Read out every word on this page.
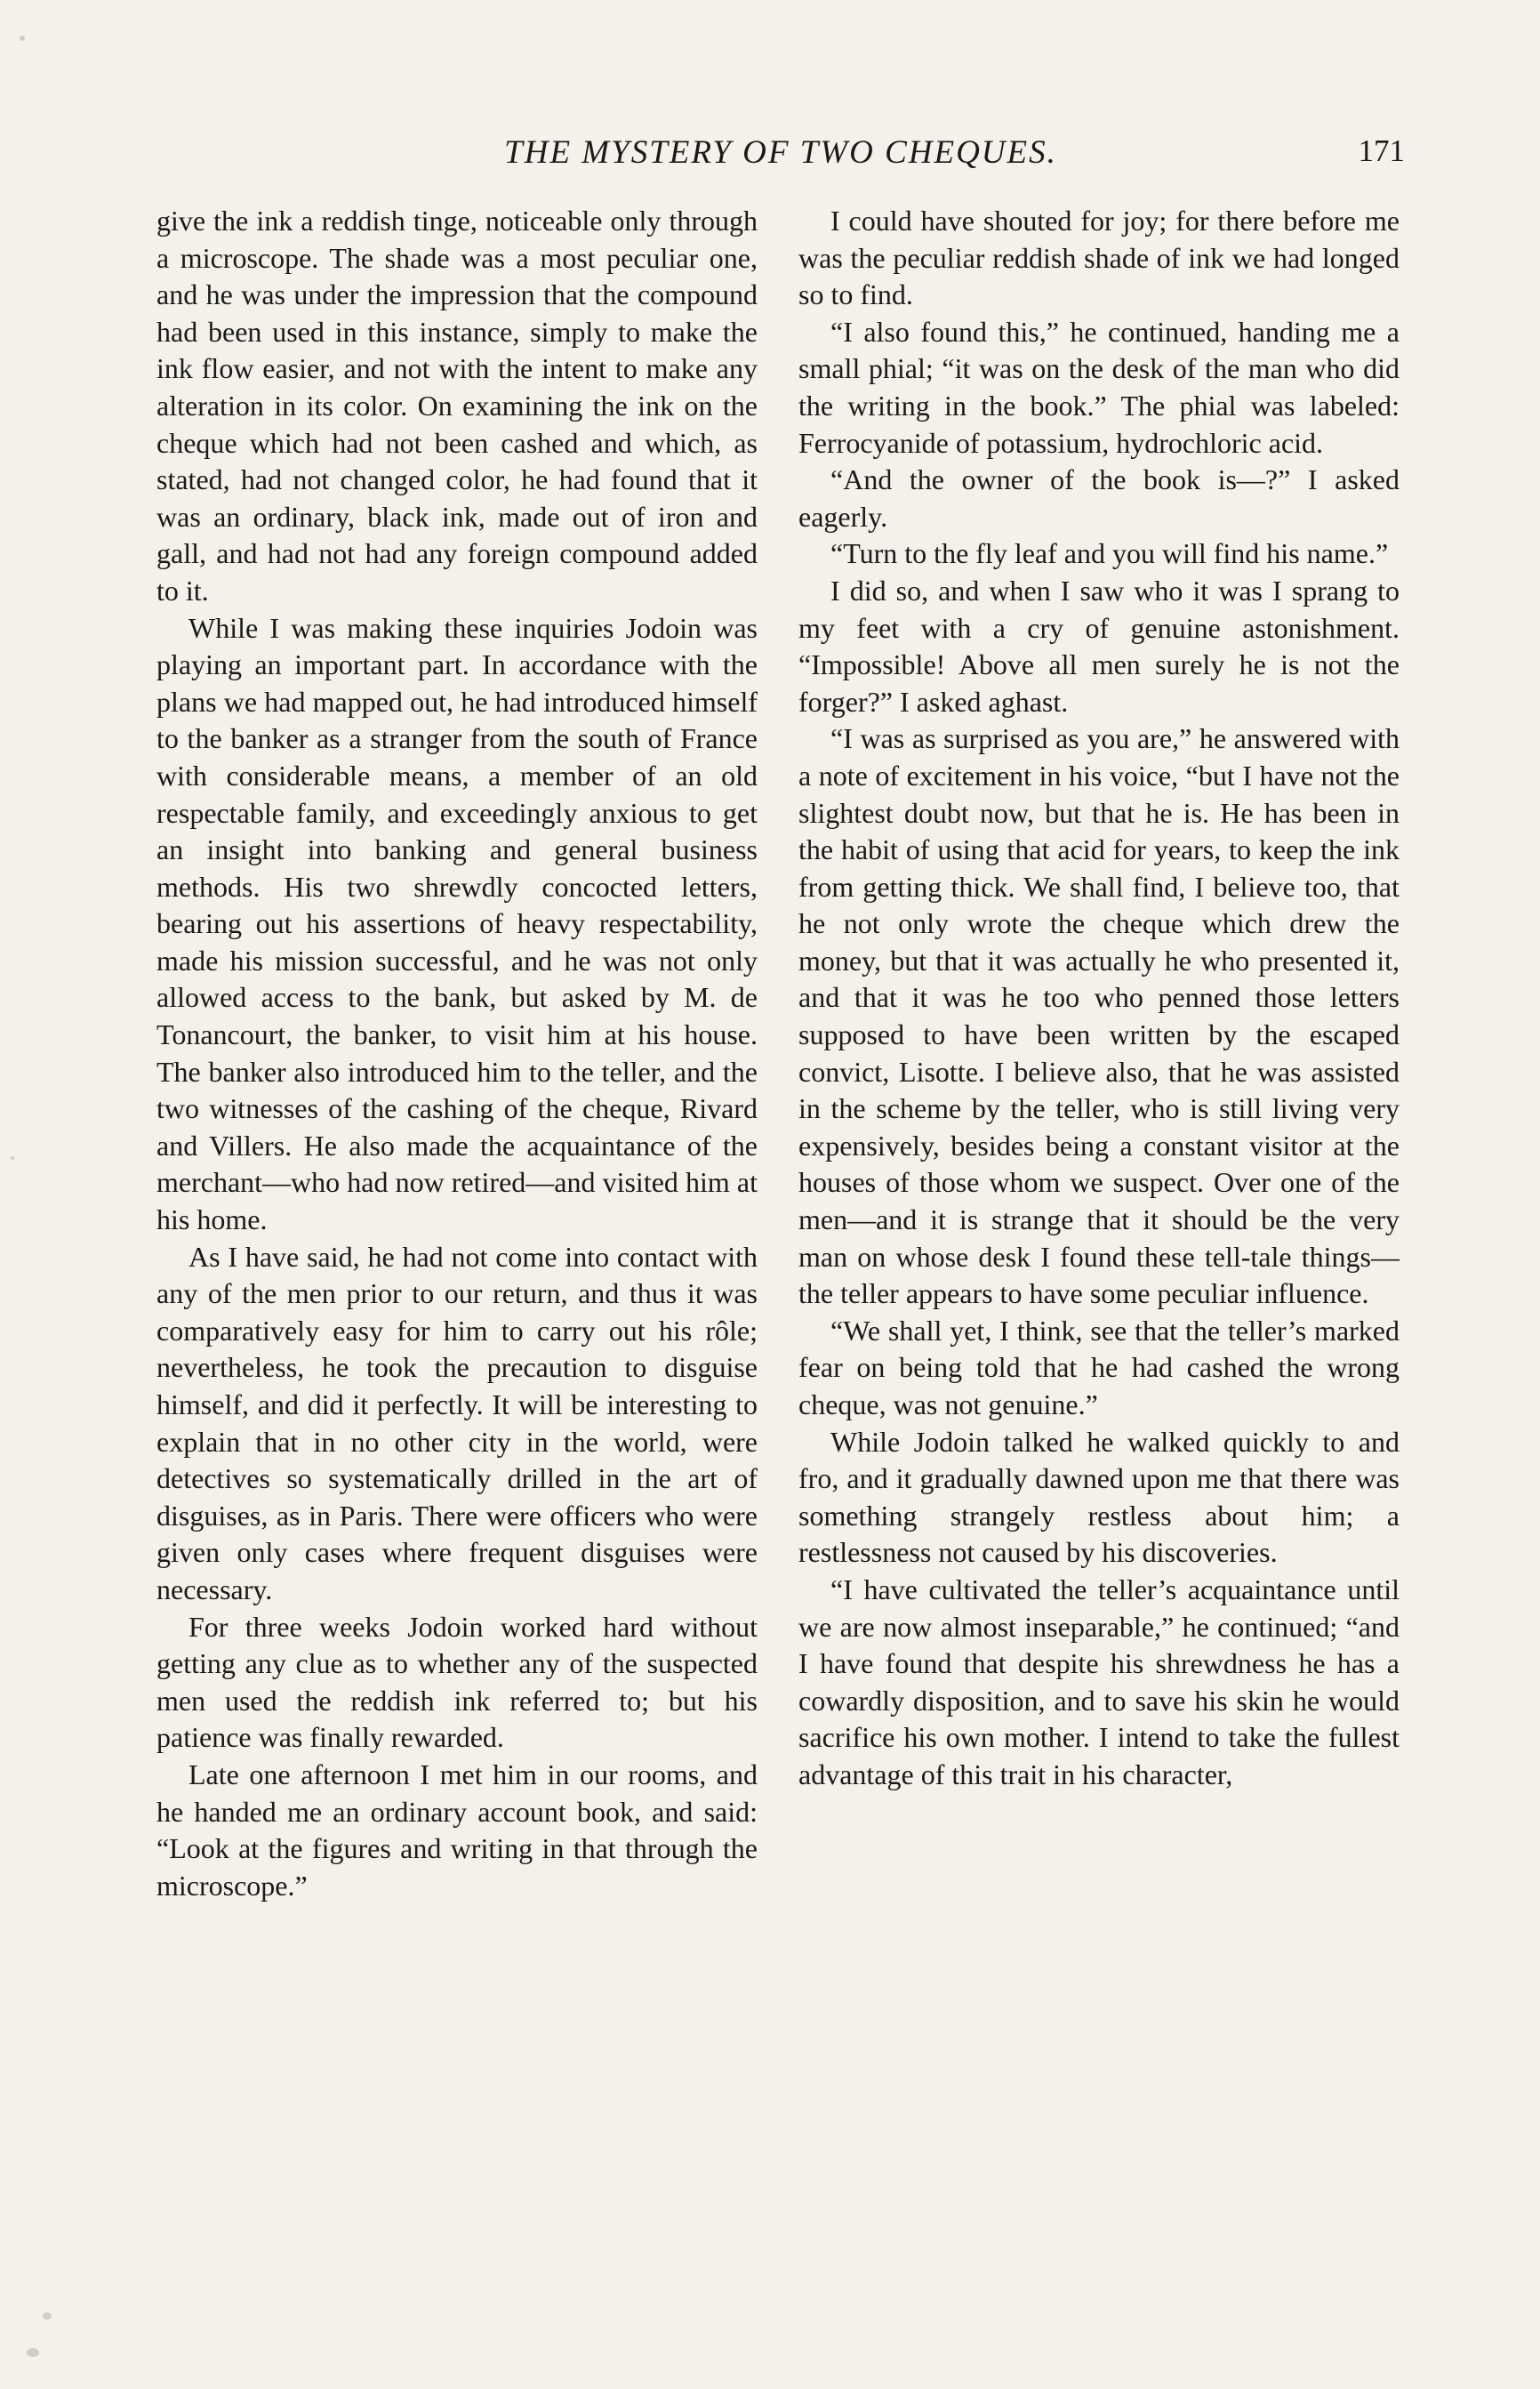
THE MYSTERY OF TWO CHEQUES.	171

give the ink a reddish tinge, noticeable only through a microscope. The shade was a most peculiar one, and he was under the impression that the compound had been used in this instance, simply to make the ink flow easier, and not with the intent to make any alteration in its color. On examining the ink on the cheque which had not been cashed and which, as stated, had not changed color, he had found that it was an ordinary, black ink, made out of iron and gall, and had not had any foreign compound added to it.

While I was making these inquiries Jodoin was playing an important part. In accordance with the plans we had mapped out, he had introduced himself to the banker as a stranger from the south of France with considerable means, a member of an old respectable family, and exceedingly anxious to get an insight into banking and general business methods. His two shrewdly concocted letters, bearing out his assertions of heavy respectability, made his mission successful, and he was not only allowed access to the bank, but asked by M. de Tonancourt, the banker, to visit him at his house. The banker also introduced him to the teller, and the two witnesses of the cashing of the cheque, Rivard and Villers. He also made the acquaintance of the merchant—who had now retired—and visited him at his home.

As I have said, he had not come into contact with any of the men prior to our return, and thus it was comparatively easy for him to carry out his rôle; nevertheless, he took the precaution to disguise himself, and did it perfectly. It will be interesting to explain that in no other city in the world, were detectives so systematically drilled in the art of disguises, as in Paris. There were officers who were given only cases where frequent disguises were necessary.

For three weeks Jodoin worked hard without getting any clue as to whether any of the suspected men used the reddish ink referred to; but his patience was finally rewarded.

Late one afternoon I met him in our rooms, and he handed me an ordinary account book, and said: “Look at the figures and writing in that through the microscope.”

I could have shouted for joy; for there before me was the peculiar reddish shade of ink we had longed so to find.

“I also found this,” he continued, handing me a small phial; “it was on the desk of the man who did the writing in the book.” The phial was labeled: Ferrocyanide of potassium, hydrochloric acid.

“And the owner of the book is—?” I asked eagerly.

“Turn to the fly leaf and you will find his name.”

I did so, and when I saw who it was I sprang to my feet with a cry of genuine astonishment. “Impossible! Above all men surely he is not the forger?” I asked aghast.

“I was as surprised as you are,” he answered with a note of excitement in his voice, “but I have not the slightest doubt now, but that he is. He has been in the habit of using that acid for years, to keep the ink from getting thick. We shall find, I believe too, that he not only wrote the cheque which drew the money, but that it was actually he who presented it, and that it was he too who penned those letters supposed to have been written by the escaped convict, Lisotte. I believe also, that he was assisted in the scheme by the teller, who is still living very expensively, besides being a constant visitor at the houses of those whom we suspect. Over one of the men—and it is strange that it should be the very man on whose desk I found these tell-tale things—the teller appears to have some peculiar influence.

“We shall yet, I think, see that the teller’s marked fear on being told that he had cashed the wrong cheque, was not genuine.”

While Jodoin talked he walked quickly to and fro, and it gradually dawned upon me that there was something strangely restless about him; a restlessness not caused by his discoveries.

“I have cultivated the teller’s acquaintance until we are now almost inseparable,” he continued; “and I have found that despite his shrewdness he has a cowardly disposition, and to save his skin he would sacrifice his own mother. I intend to take the fullest advantage of this trait in his character,
